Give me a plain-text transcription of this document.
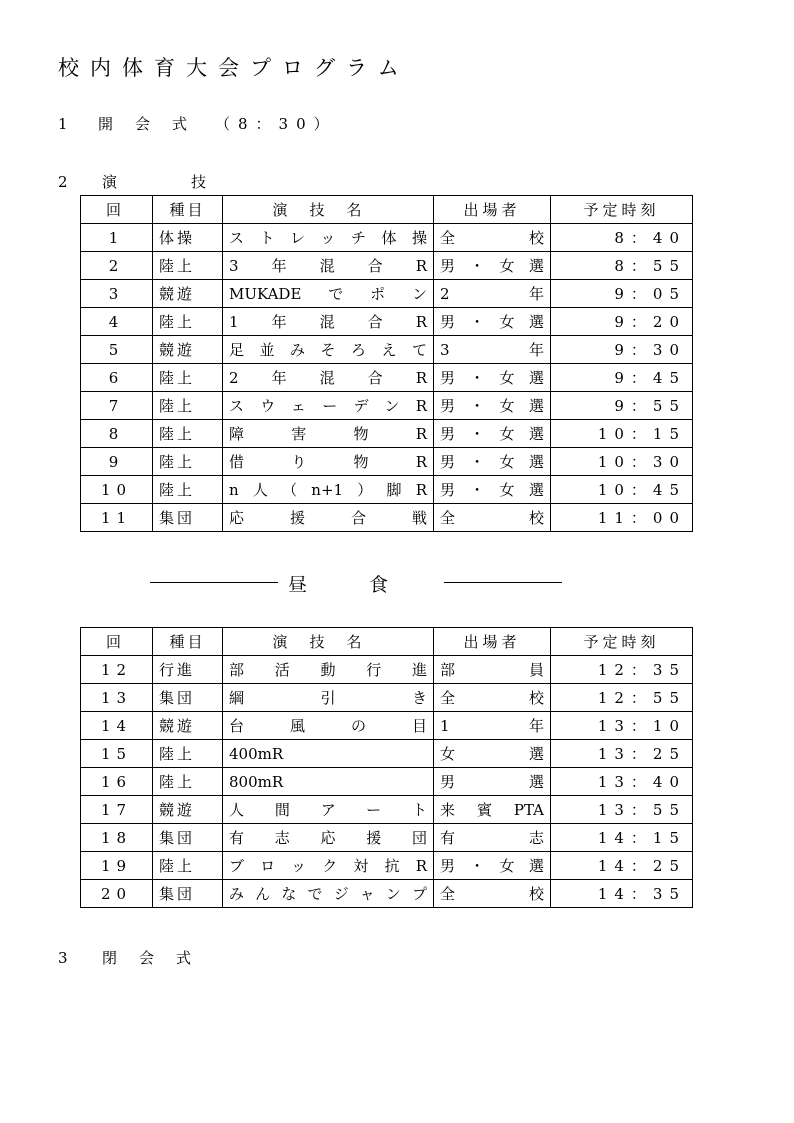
校内体育大会プログラム
1 開会式 （8：30）
2 演技
回	種目	演技名	出場者	予定時刻
1	体操	ストレッチ体操	全校	8：40
2	陸上	3年混合R	男・女選	8：55
3	競遊	MUKADEでポン	2年	9：05
4	陸上	1年混合R	男・女選	9：20
5	競遊	足並みそろえて	3年	9：30
6	陸上	2年混合R	男・女選	9：45
7	陸上	スウェーデンR	男・女選	9：55
8	陸上	障害物R	男・女選	10：15
9	陸上	借り物R	男・女選	10：30
10	陸上	n人（n+1）脚R	男・女選	10：45
11	集団	応援合戦	全校	11：00
昼食
回	種目	演技名	出場者	予定時刻
12	行進	部活動行進	部員	12：35
13	集団	綱引き	全校	12：55
14	競遊	台風の目	1年	13：10
15	陸上	400mR	女選	13：25
16	陸上	800mR	男選	13：40
17	競遊	人間アート	来賓PTA	13：55
18	集団	有志応援団	有志	14：15
19	陸上	ブロック対抗R	男・女選	14：25
20	集団	みんなでジャンプ	全校	14：35
3 閉会式
